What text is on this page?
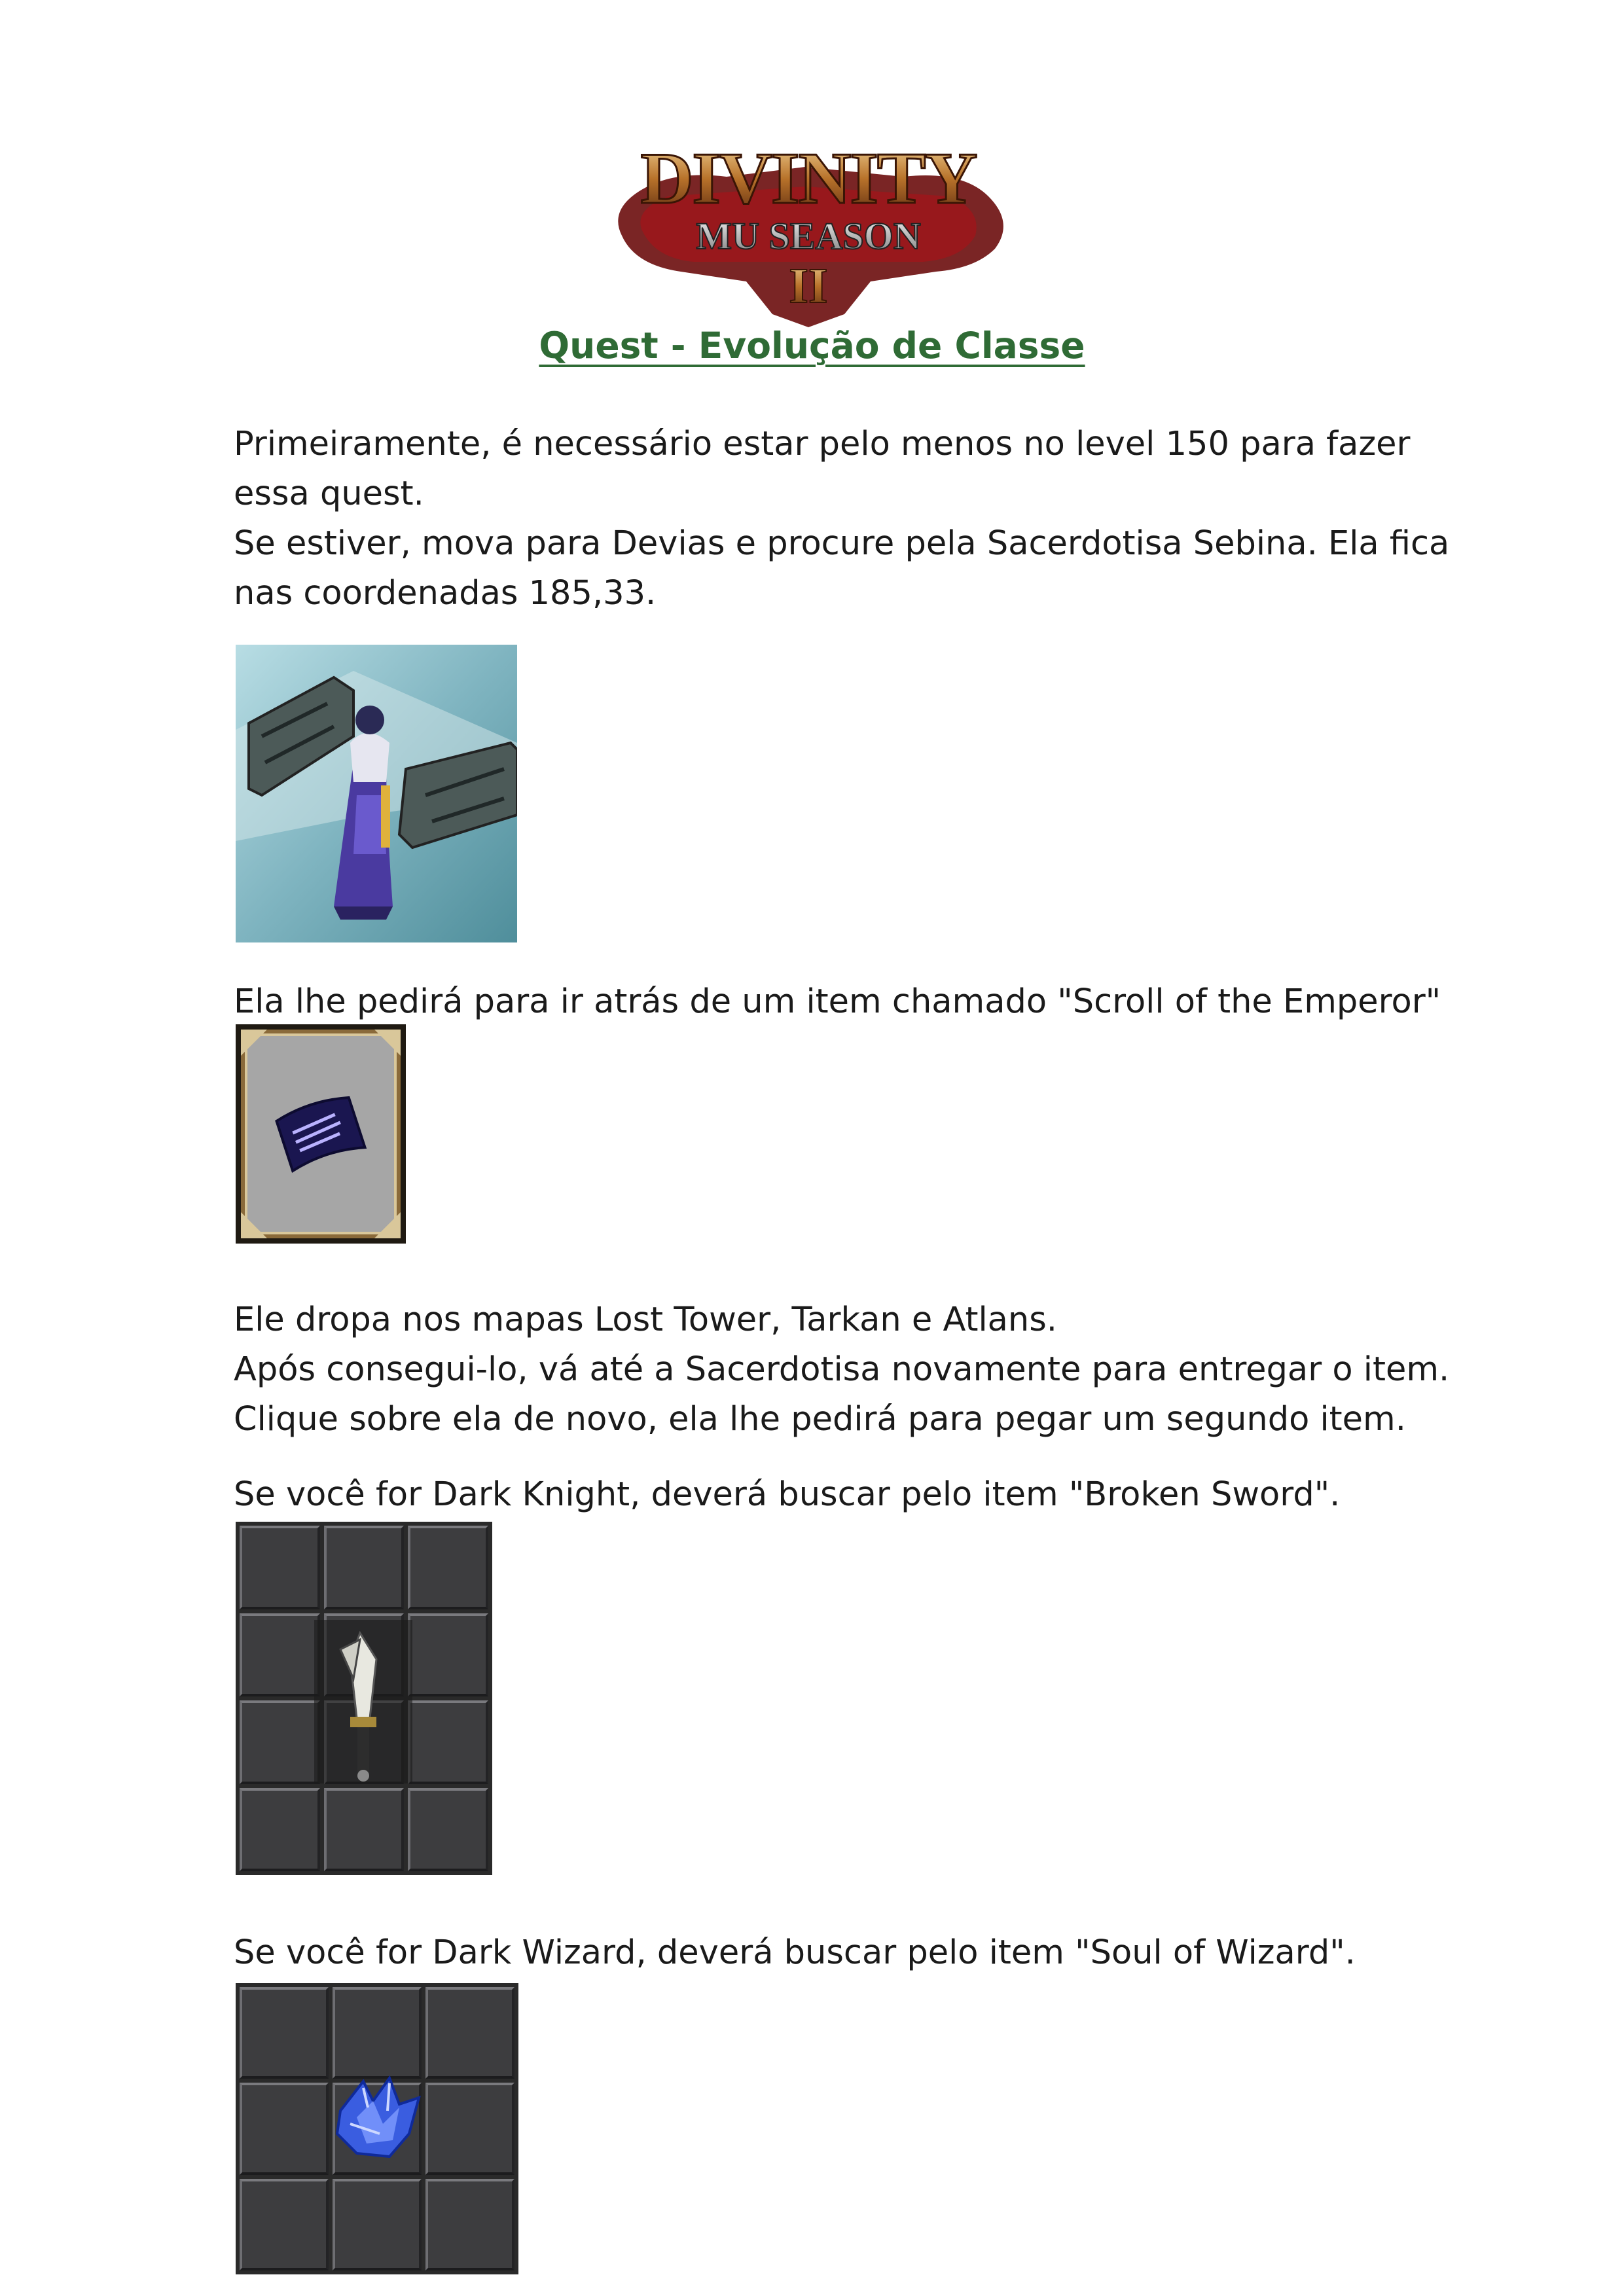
DIVINITY
MU SEASON
II
Quest - Evolução de Classe
Primeiramente, é necessário estar pelo menos no level 150 para fazer
essa quest.
Se estiver, mova para Devias e procure pela Sacerdotisa Sebina. Ela fica
nas coordenadas 185,33.
Ela lhe pedirá para ir atrás de um item chamado "Scroll of the Emperor"
Ele dropa nos mapas Lost Tower, Tarkan e Atlans.
Após consegui-lo, vá até a Sacerdotisa novamente para entregar o item.
Clique sobre ela de novo, ela lhe pedirá para pegar um segundo item.
Se você for Dark Knight, deverá buscar pelo item "Broken Sword".
Se você for Dark Wizard, deverá buscar pelo item "Soul of Wizard".
